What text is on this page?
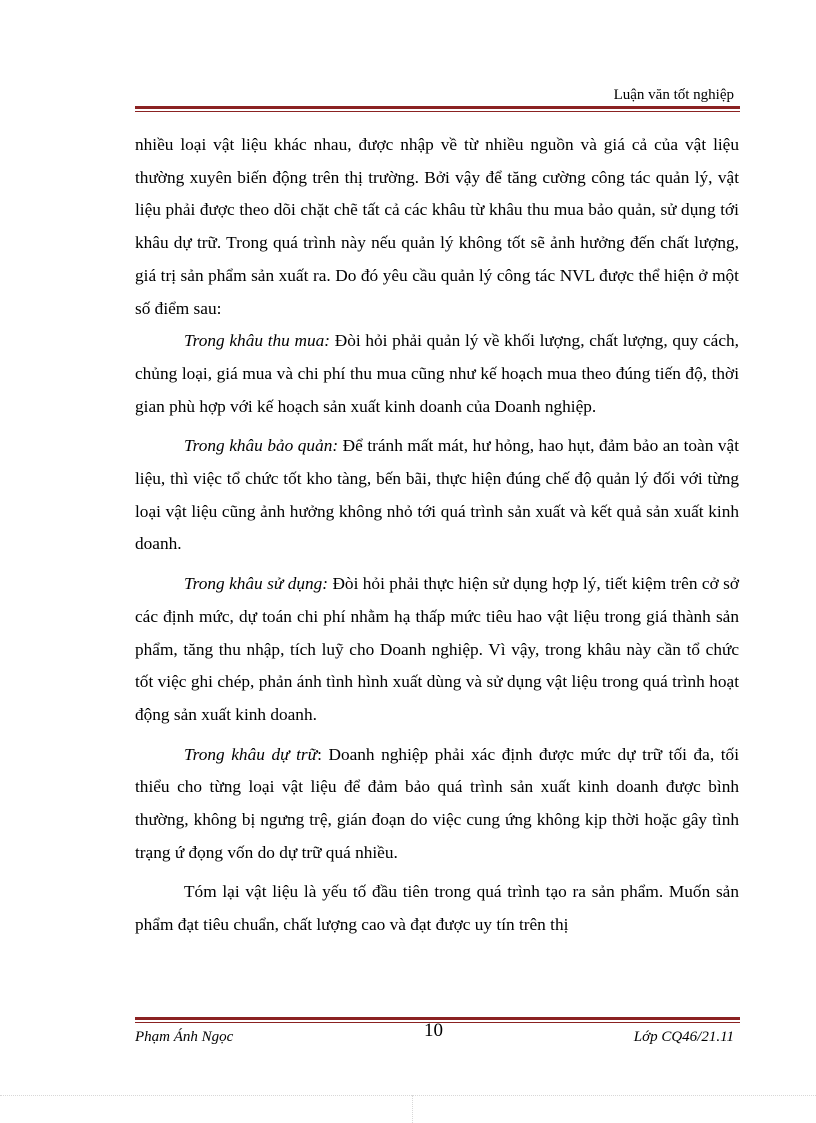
Luận văn tốt nghiệp

nhiều loại vật liệu khác nhau, được nhập về từ nhiều nguồn và giá cả của vật liệu thường xuyên biến động trên thị trường. Bởi vậy để tăng cường công tác quản lý, vật liệu phải được theo dõi chặt chẽ tất cả các khâu từ khâu thu mua bảo quản, sử dụng tới khâu dự trữ. Trong quá trình này nếu quản lý không tốt sẽ ảnh hưởng đến chất lượng, giá trị sản phẩm sản xuất ra. Do đó yêu cầu quản lý công tác NVL được thể hiện ở một số điểm sau:

Trong khâu thu mua: Đòi hỏi phải quản lý về khối lượng, chất lượng, quy cách, chủng loại, giá mua và chi phí thu mua cũng như kế hoạch mua theo đúng tiến độ, thời gian phù hợp với kế hoạch sản xuất kinh doanh của Doanh nghiệp.

Trong khâu bảo quản: Để tránh mất mát, hư hỏng, hao hụt, đảm bảo an toàn vật liệu, thì việc tổ chức tốt kho tàng, bến bãi, thực hiện đúng chế độ quản lý đối với từng loại vật liệu cũng ảnh hưởng không nhỏ tới quá trình sản xuất và kết quả sản xuất kinh doanh.

Trong khâu sử dụng: Đòi hỏi phải thực hiện sử dụng hợp lý, tiết kiệm trên cở sở các định mức, dự toán chi phí nhằm hạ thấp mức tiêu hao vật liệu trong giá thành sản phẩm, tăng thu nhập, tích luỹ cho Doanh nghiệp. Vì vậy, trong khâu này cần tổ chức tốt việc ghi chép, phản ánh tình hình xuất dùng và sử dụng vật liệu trong quá trình hoạt động sản xuất kinh doanh.

Trong khâu dự trữ: Doanh nghiệp phải xác định được mức dự trữ tối đa, tối thiểu cho từng loại vật liệu để đảm bảo quá trình sản xuất kinh doanh được bình thường, không bị ngưng trệ, gián đoạn do việc cung ứng không kịp thời hoặc gây tình trạng ứ đọng vốn do dự trữ quá nhiều.

Tóm lại vật liệu là yếu tố đầu tiên trong quá trình tạo ra sản phẩm. Muốn sản phẩm đạt tiêu chuẩn, chất lượng cao và đạt được uy tín trên thị

Phạm Ánh Ngọc	10	Lớp CQ46/21.11
